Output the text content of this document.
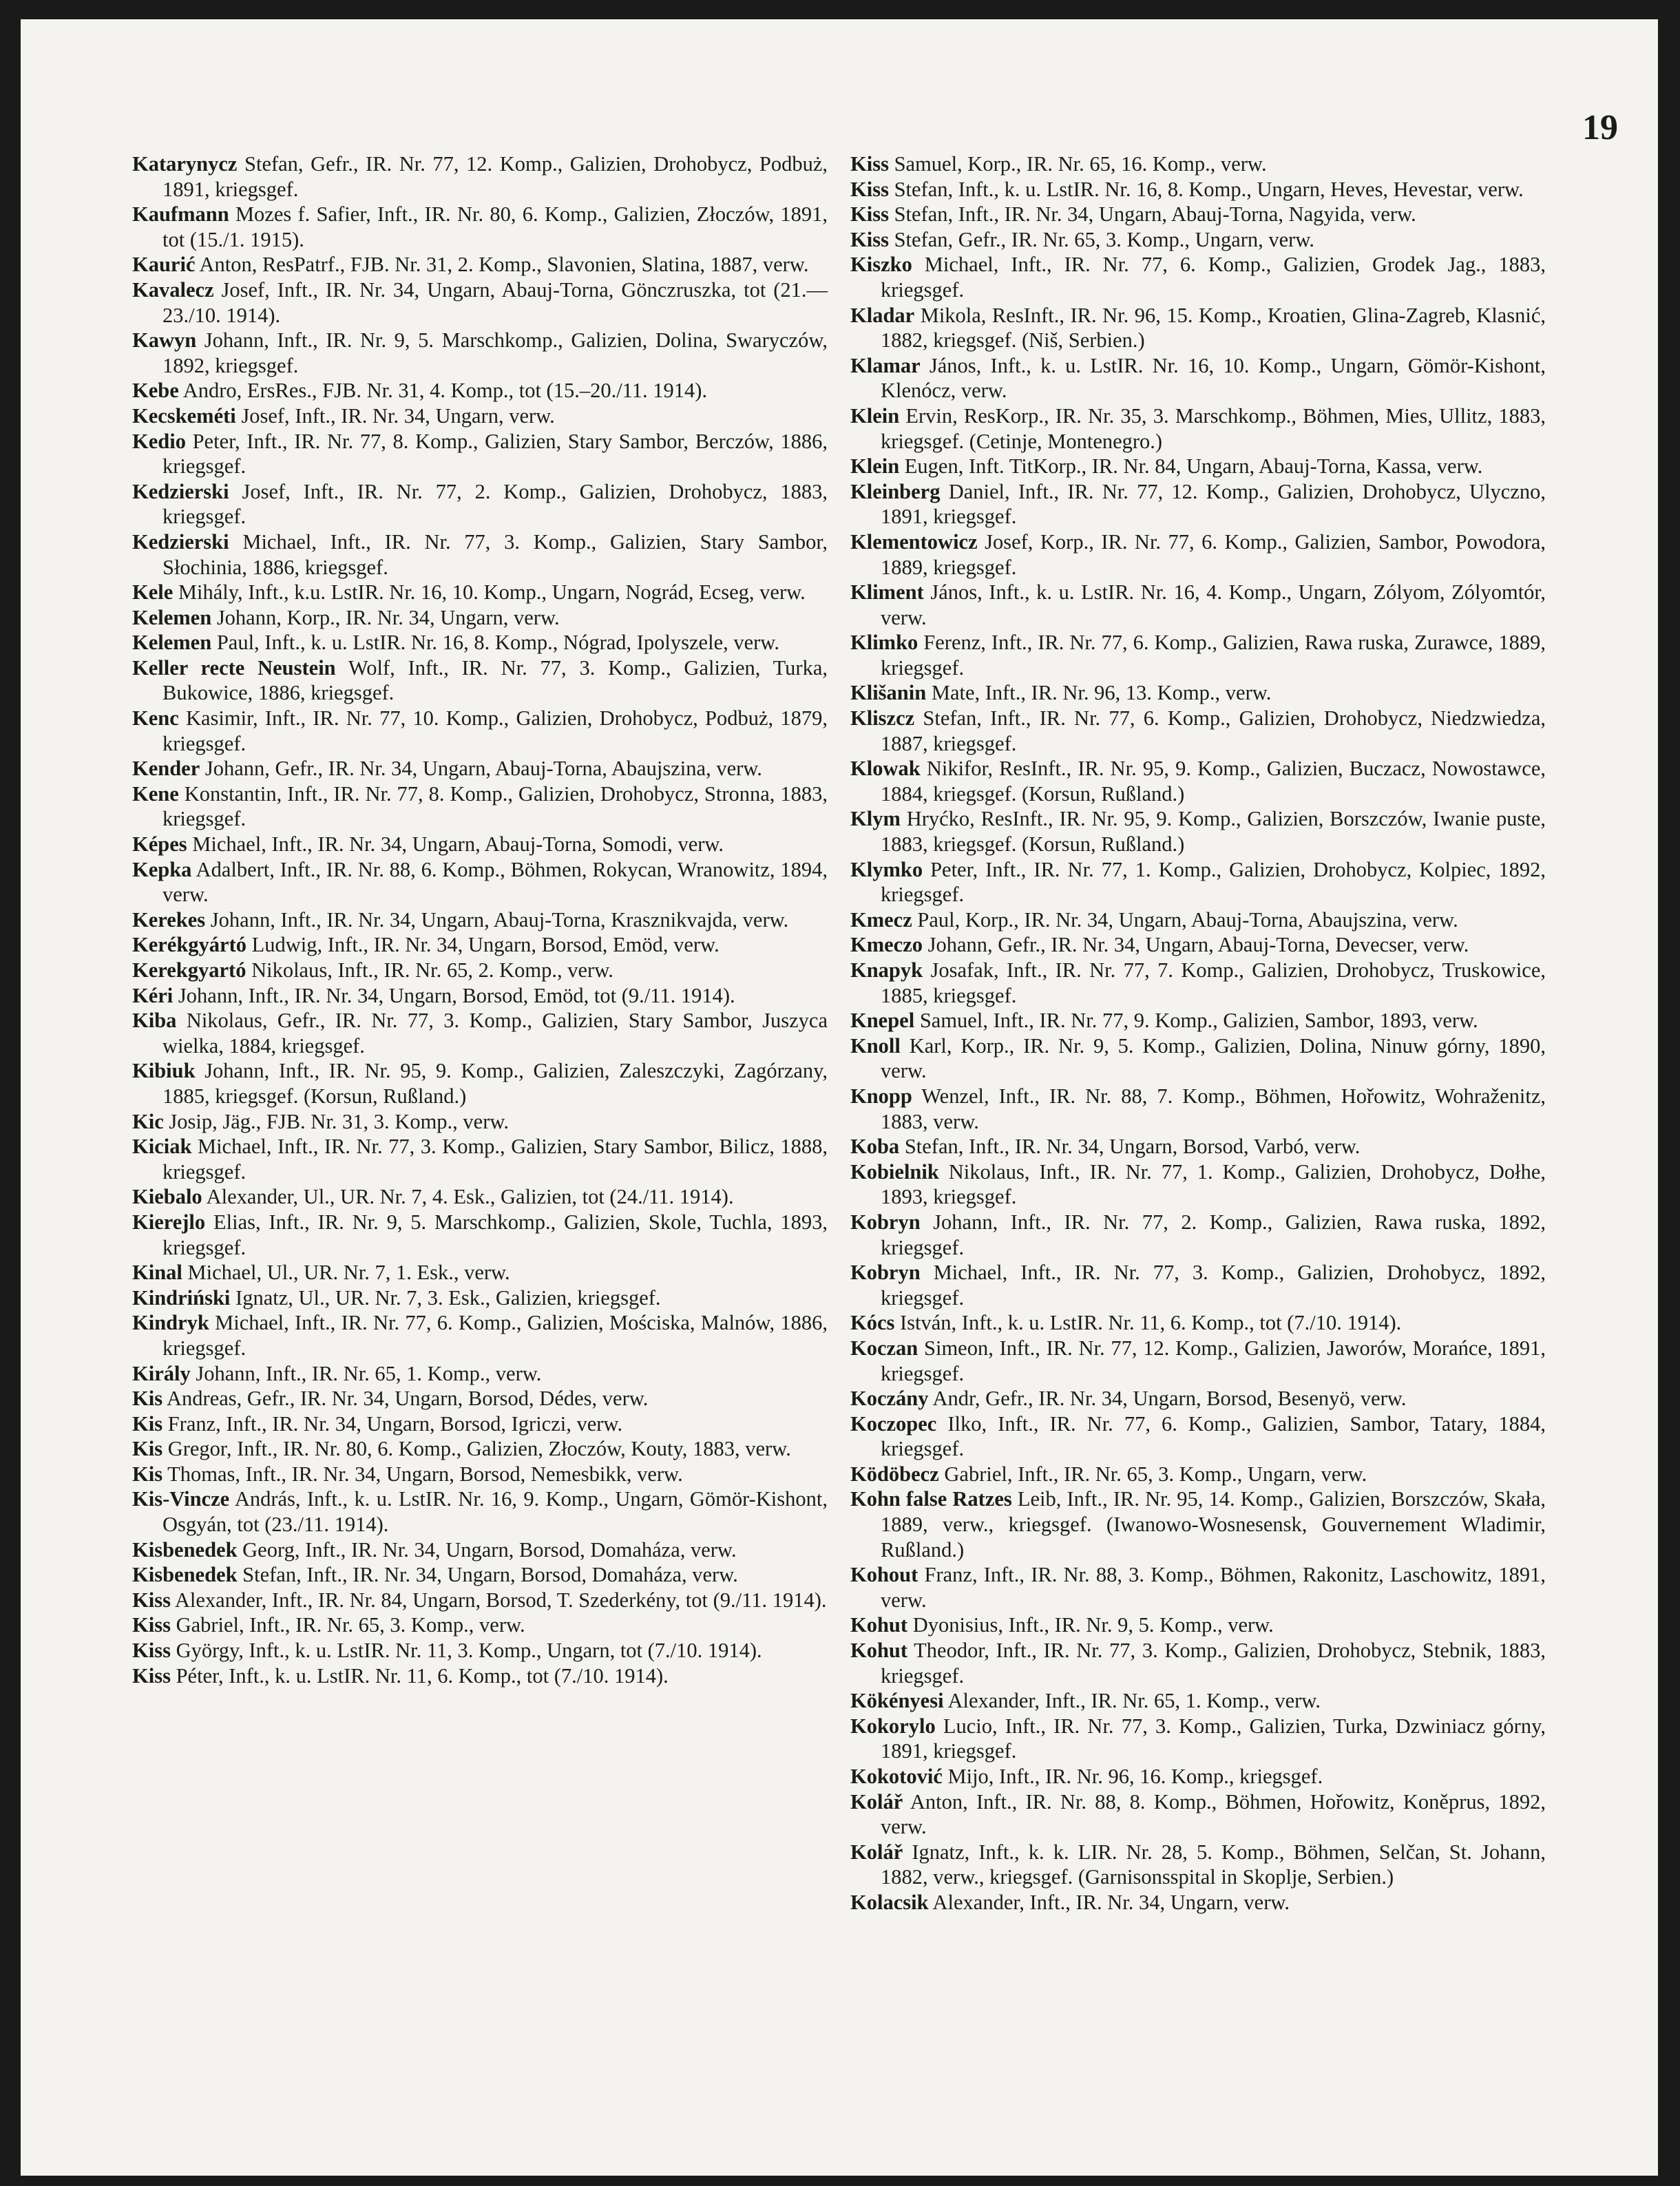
19

Katarynycz Stefan, Gefr., IR. Nr. 77, 12. Komp., Galizien, Drohobycz, Podbuż, 1891, kriegsgef.

Kaufmann Mozes f. Safier, Inft., IR. Nr. 80, 6. Komp., Galizien, Złoczów, 1891, tot (15./1. 1915).

Kaurić Anton, ResPatrf., FJB. Nr. 31, 2. Komp., Slavonien, Slatina, 1887, verw.

Kavalecz Josef, Inft., IR. Nr. 34, Ungarn, Abauj-Torna, Gönczruszka, tot (21.—23./10. 1914).

Kawyn Johann, Inft., IR. Nr. 9, 5. Marschkomp., Galizien, Dolina, Swaryczów, 1892, kriegsgef.

Kebe Andro, ErsRes., FJB. Nr. 31, 4. Komp., tot (15.–20./11. 1914).

Kecskeméti Josef, Inft., IR. Nr. 34, Ungarn, verw.

Kedio Peter, Inft., IR. Nr. 77, 8. Komp., Galizien, Stary Sambor, Berczów, 1886, kriegsgef.

Kedzierski Josef, Inft., IR. Nr. 77, 2. Komp., Galizien, Drohobycz, 1883, kriegsgef.

Kedzierski Michael, Inft., IR. Nr. 77, 3. Komp., Galizien, Stary Sambor, Słochinia, 1886, kriegsgef.

Kele Mihály, Inft., k.u. LstIR. Nr. 16, 10. Komp., Ungarn, Nográd, Ecseg, verw.

Kelemen Johann, Korp., IR. Nr. 34, Ungarn, verw.

Kelemen Paul, Inft., k. u. LstIR. Nr. 16, 8. Komp., Nógrad, Ipolyszele, verw.

Keller recte Neustein Wolf, Inft., IR. Nr. 77, 3. Komp., Galizien, Turka, Bukowice, 1886, kriegsgef.

Kenc Kasimir, Inft., IR. Nr. 77, 10. Komp., Galizien, Drohobycz, Podbuż, 1879, kriegsgef.

Kender Johann, Gefr., IR. Nr. 34, Ungarn, Abauj-Torna, Abaujszina, verw.

Kene Konstantin, Inft., IR. Nr. 77, 8. Komp., Galizien, Drohobycz, Stronna, 1883, kriegsgef.

Képes Michael, Inft., IR. Nr. 34, Ungarn, Abauj-Torna, Somodi, verw.

Kepka Adalbert, Inft., IR. Nr. 88, 6. Komp., Böhmen, Rokycan, Wranowitz, 1894, verw.

Kerekes Johann, Inft., IR. Nr. 34, Ungarn, Abauj-Torna, Krasznikvajda, verw.

Kerékgyártó Ludwig, Inft., IR. Nr. 34, Ungarn, Borsod, Emöd, verw.

Kerekgyartó Nikolaus, Inft., IR. Nr. 65, 2. Komp., verw.

Kéri Johann, Inft., IR. Nr. 34, Ungarn, Borsod, Emöd, tot (9./11. 1914).

Kiba Nikolaus, Gefr., IR. Nr. 77, 3. Komp., Galizien, Stary Sambor, Juszyca wielka, 1884, kriegsgef.

Kibiuk Johann, Inft., IR. Nr. 95, 9. Komp., Galizien, Zaleszczyki, Zagórzany, 1885, kriegsgef. (Korsun, Rußland.)

Kic Josip, Jäg., FJB. Nr. 31, 3. Komp., verw.

Kiciak Michael, Inft., IR. Nr. 77, 3. Komp., Galizien, Stary Sambor, Bilicz, 1888, kriegsgef.

Kiebalo Alexander, Ul., UR. Nr. 7, 4. Esk., Galizien, tot (24./11. 1914).

Kierejlo Elias, Inft., IR. Nr. 9, 5. Marschkomp., Galizien, Skole, Tuchla, 1893, kriegsgef.

Kinal Michael, Ul., UR. Nr. 7, 1. Esk., verw.

Kindriński Ignatz, Ul., UR. Nr. 7, 3. Esk., Galizien, kriegsgef.

Kindryk Michael, Inft., IR. Nr. 77, 6. Komp., Galizien, Mościska, Malnów, 1886, kriegsgef.

Király Johann, Inft., IR. Nr. 65, 1. Komp., verw.

Kis Andreas, Gefr., IR. Nr. 34, Ungarn, Borsod, Dédes, verw.

Kis Franz, Inft., IR. Nr. 34, Ungarn, Borsod, Igriczi, verw.

Kis Gregor, Inft., IR. Nr. 80, 6. Komp., Galizien, Złoczów, Kouty, 1883, verw.

Kis Thomas, Inft., IR. Nr. 34, Ungarn, Borsod, Nemesbikk, verw.

Kis-Vincze András, Inft., k. u. LstIR. Nr. 16, 9. Komp., Ungarn, Gömör-Kishont, Osgyán, tot (23./11. 1914).

Kisbenedek Georg, Inft., IR. Nr. 34, Ungarn, Borsod, Domaháza, verw.

Kisbenedek Stefan, Inft., IR. Nr. 34, Ungarn, Borsod, Domaháza, verw.

Kiss Alexander, Inft., IR. Nr. 84, Ungarn, Borsod, T. Szederkény, tot (9./11. 1914).

Kiss Gabriel, Inft., IR. Nr. 65, 3. Komp., verw.

Kiss György, Inft., k. u. LstIR. Nr. 11, 3. Komp., Ungarn, tot (7./10. 1914).

Kiss Péter, Inft., k. u. LstIR. Nr. 11, 6. Komp., tot (7./10. 1914).

Kiss Samuel, Korp., IR. Nr. 65, 16. Komp., verw.

Kiss Stefan, Inft., k. u. LstIR. Nr. 16, 8. Komp., Ungarn, Heves, Hevestar, verw.

Kiss Stefan, Inft., IR. Nr. 34, Ungarn, Abauj-Torna, Nagyida, verw.

Kiss Stefan, Gefr., IR. Nr. 65, 3. Komp., Ungarn, verw.

Kiszko Michael, Inft., IR. Nr. 77, 6. Komp., Galizien, Grodek Jag., 1883, kriegsgef.

Kladar Mikola, ResInft., IR. Nr. 96, 15. Komp., Kroatien, Glina-Zagreb, Klasnić, 1882, kriegsgef. (Niš, Serbien.)

Klamar János, Inft., k. u. LstIR. Nr. 16, 10. Komp., Ungarn, Gömör-Kishont, Klenócz, verw.

Klein Ervin, ResKorp., IR. Nr. 35, 3. Marschkomp., Böhmen, Mies, Ullitz, 1883, kriegsgef. (Cetinje, Montenegro.)

Klein Eugen, Inft. TitKorp., IR. Nr. 84, Ungarn, Abauj-Torna, Kassa, verw.

Kleinberg Daniel, Inft., IR. Nr. 77, 12. Komp., Galizien, Drohobycz, Ulyczno, 1891, kriegsgef.

Klementowicz Josef, Korp., IR. Nr. 77, 6. Komp., Galizien, Sambor, Powodora, 1889, kriegsgef.

Kliment János, Inft., k. u. LstIR. Nr. 16, 4. Komp., Ungarn, Zólyom, Zólyomtór, verw.

Klimko Ferenz, Inft., IR. Nr. 77, 6. Komp., Galizien, Rawa ruska, Zurawce, 1889, kriegsgef.

Klišanin Mate, Inft., IR. Nr. 96, 13. Komp., verw.

Kliszcz Stefan, Inft., IR. Nr. 77, 6. Komp., Galizien, Drohobycz, Niedzwiedza, 1887, kriegsgef.

Klowak Nikifor, ResInft., IR. Nr. 95, 9. Komp., Galizien, Buczacz, Nowostawce, 1884, kriegsgef. (Korsun, Rußland.)

Klym Hryćko, ResInft., IR. Nr. 95, 9. Komp., Galizien, Borszczów, Iwanie puste, 1883, kriegsgef. (Korsun, Rußland.)

Klymko Peter, Inft., IR. Nr. 77, 1. Komp., Galizien, Drohobycz, Kolpiec, 1892, kriegsgef.

Kmecz Paul, Korp., IR. Nr. 34, Ungarn, Abauj-Torna, Abaujszina, verw.

Kmeczo Johann, Gefr., IR. Nr. 34, Ungarn, Abauj-Torna, Devecser, verw.

Knapyk Josafak, Inft., IR. Nr. 77, 7. Komp., Galizien, Drohobycz, Truskowice, 1885, kriegsgef.

Knepel Samuel, Inft., IR. Nr. 77, 9. Komp., Galizien, Sambor, 1893, verw.

Knoll Karl, Korp., IR. Nr. 9, 5. Komp., Galizien, Dolina, Ninuw górny, 1890, verw.

Knopp Wenzel, Inft., IR. Nr. 88, 7. Komp., Böhmen, Hořowitz, Wohraženitz, 1883, verw.

Koba Stefan, Inft., IR. Nr. 34, Ungarn, Borsod, Varbó, verw.

Kobielnik Nikolaus, Inft., IR. Nr. 77, 1. Komp., Galizien, Drohobycz, Dołhe, 1893, kriegsgef.

Kobryn Johann, Inft., IR. Nr. 77, 2. Komp., Galizien, Rawa ruska, 1892, kriegsgef.

Kobryn Michael, Inft., IR. Nr. 77, 3. Komp., Galizien, Drohobycz, 1892, kriegsgef.

Kócs István, Inft., k. u. LstIR. Nr. 11, 6. Komp., tot (7./10. 1914).

Koczan Simeon, Inft., IR. Nr. 77, 12. Komp., Galizien, Jaworów, Morańce, 1891, kriegsgef.

Koczány Andr, Gefr., IR. Nr. 34, Ungarn, Borsod, Besenyö, verw.

Koczopec Ilko, Inft., IR. Nr. 77, 6. Komp., Galizien, Sambor, Tatary, 1884, kriegsgef.

Ködöbecz Gabriel, Inft., IR. Nr. 65, 3. Komp., Ungarn, verw.

Kohn false Ratzes Leib, Inft., IR. Nr. 95, 14. Komp., Galizien, Borszczów, Skała, 1889, verw., kriegsgef. (Iwanowo-Wosnesensk, Gouvernement Wladimir, Rußland.)

Kohout Franz, Inft., IR. Nr. 88, 3. Komp., Böhmen, Rakonitz, Laschowitz, 1891, verw.

Kohut Dyonisius, Inft., IR. Nr. 9, 5. Komp., verw.

Kohut Theodor, Inft., IR. Nr. 77, 3. Komp., Galizien, Drohobycz, Stebnik, 1883, kriegsgef.

Kökényesi Alexander, Inft., IR. Nr. 65, 1. Komp., verw.

Kokorylo Lucio, Inft., IR. Nr. 77, 3. Komp., Galizien, Turka, Dzwiniacz górny, 1891, kriegsgef.

Kokotović Mijo, Inft., IR. Nr. 96, 16. Komp., kriegsgef.

Kolář Anton, Inft., IR. Nr. 88, 8. Komp., Böhmen, Hořowitz, Koněprus, 1892, verw.

Kolář Ignatz, Inft., k. k. LIR. Nr. 28, 5. Komp., Böhmen, Selčan, St. Johann, 1882, verw., kriegsgef. (Garnisonsspital in Skoplje, Serbien.)

Kolacsik Alexander, Inft., IR. Nr. 34, Ungarn, verw.
